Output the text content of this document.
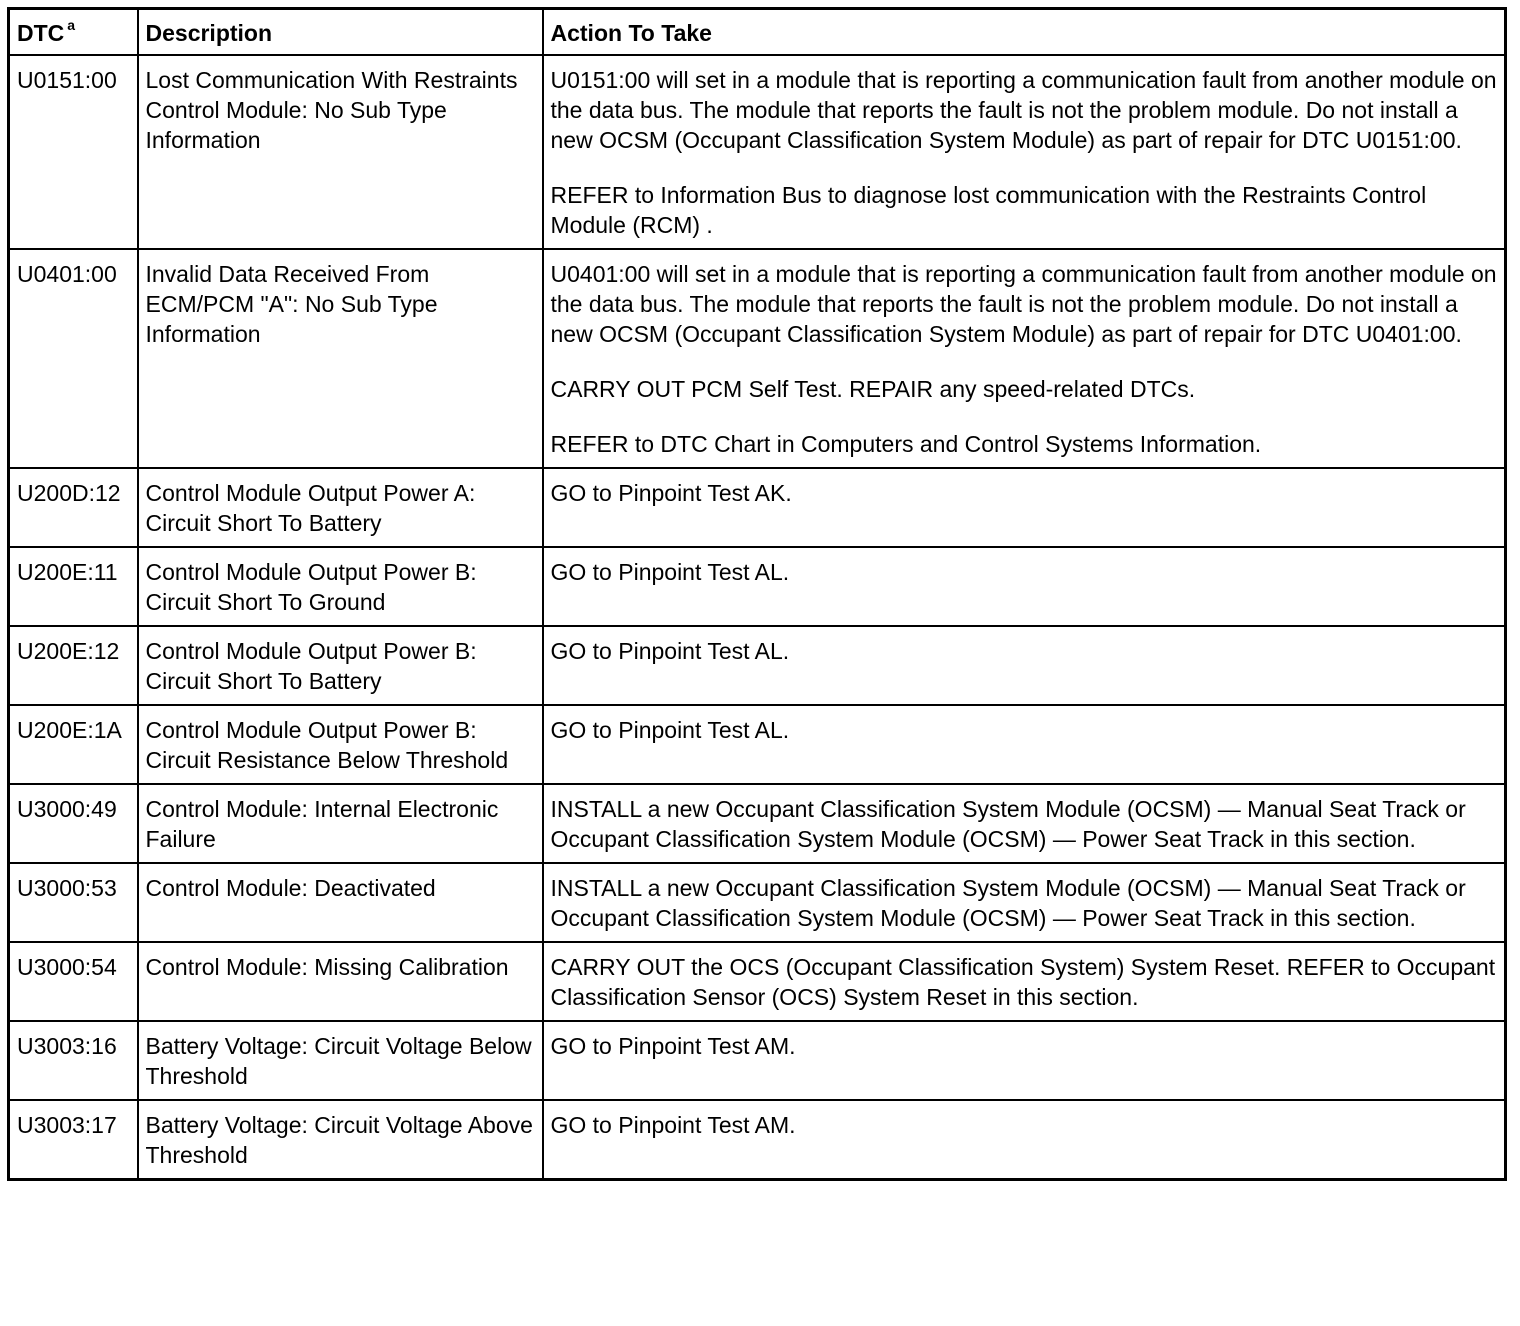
DTC $^a$	Description	Action To Take
U0151:00	Lost Communication With Restraints Control Module: No Sub Type Information	U0151:00 will set in a module that is reporting a communication fault from another module on the data bus. The module that reports the fault is not the problem module. Do not install a new OCSM (Occupant Classification System Module) as part of repair for DTC U0151:00.

REFER to Information Bus to diagnose lost communication with the Restraints Control Module (RCM) .

U0401:00	Invalid Data Received From ECM/PCM "A": No Sub Type Information	U0401:00 will set in a module that is reporting a communication fault from another module on the data bus. The module that reports the fault is not the problem module. Do not install a new OCSM (Occupant Classification System Module) as part of repair for DTC U0401:00.

CARRY OUT PCM Self Test. REPAIR any speed-related DTCs.

REFER to DTC Chart in Computers and Control Systems Information.

U200D:12	Control Module Output Power A: Circuit Short To Battery	GO to Pinpoint Test AK.

U200E:11	Control Module Output Power B: Circuit Short To Ground	GO to Pinpoint Test AL.

U200E:12	Control Module Output Power B: Circuit Short To Battery	GO to Pinpoint Test AL.

U200E:1A	Control Module Output Power B: Circuit Resistance Below Threshold	GO to Pinpoint Test AL.

U3000:49	Control Module: Internal Electronic Failure	INSTALL a new Occupant Classification System Module (OCSM) — Manual Seat Track or Occupant Classification System Module (OCSM) — Power Seat Track in this section.

U3000:53	Control Module: Deactivated	INSTALL a new Occupant Classification System Module (OCSM) — Manual Seat Track or Occupant Classification System Module (OCSM) — Power Seat Track in this section.

U3000:54	Control Module: Missing Calibration	CARRY OUT the OCS (Occupant Classification System) System Reset. REFER to Occupant Classification Sensor (OCS) System Reset in this section.

U3003:16	Battery Voltage: Circuit Voltage Below Threshold	GO to Pinpoint Test AM.

U3003:17	Battery Voltage: Circuit Voltage Above Threshold	GO to Pinpoint Test AM.
